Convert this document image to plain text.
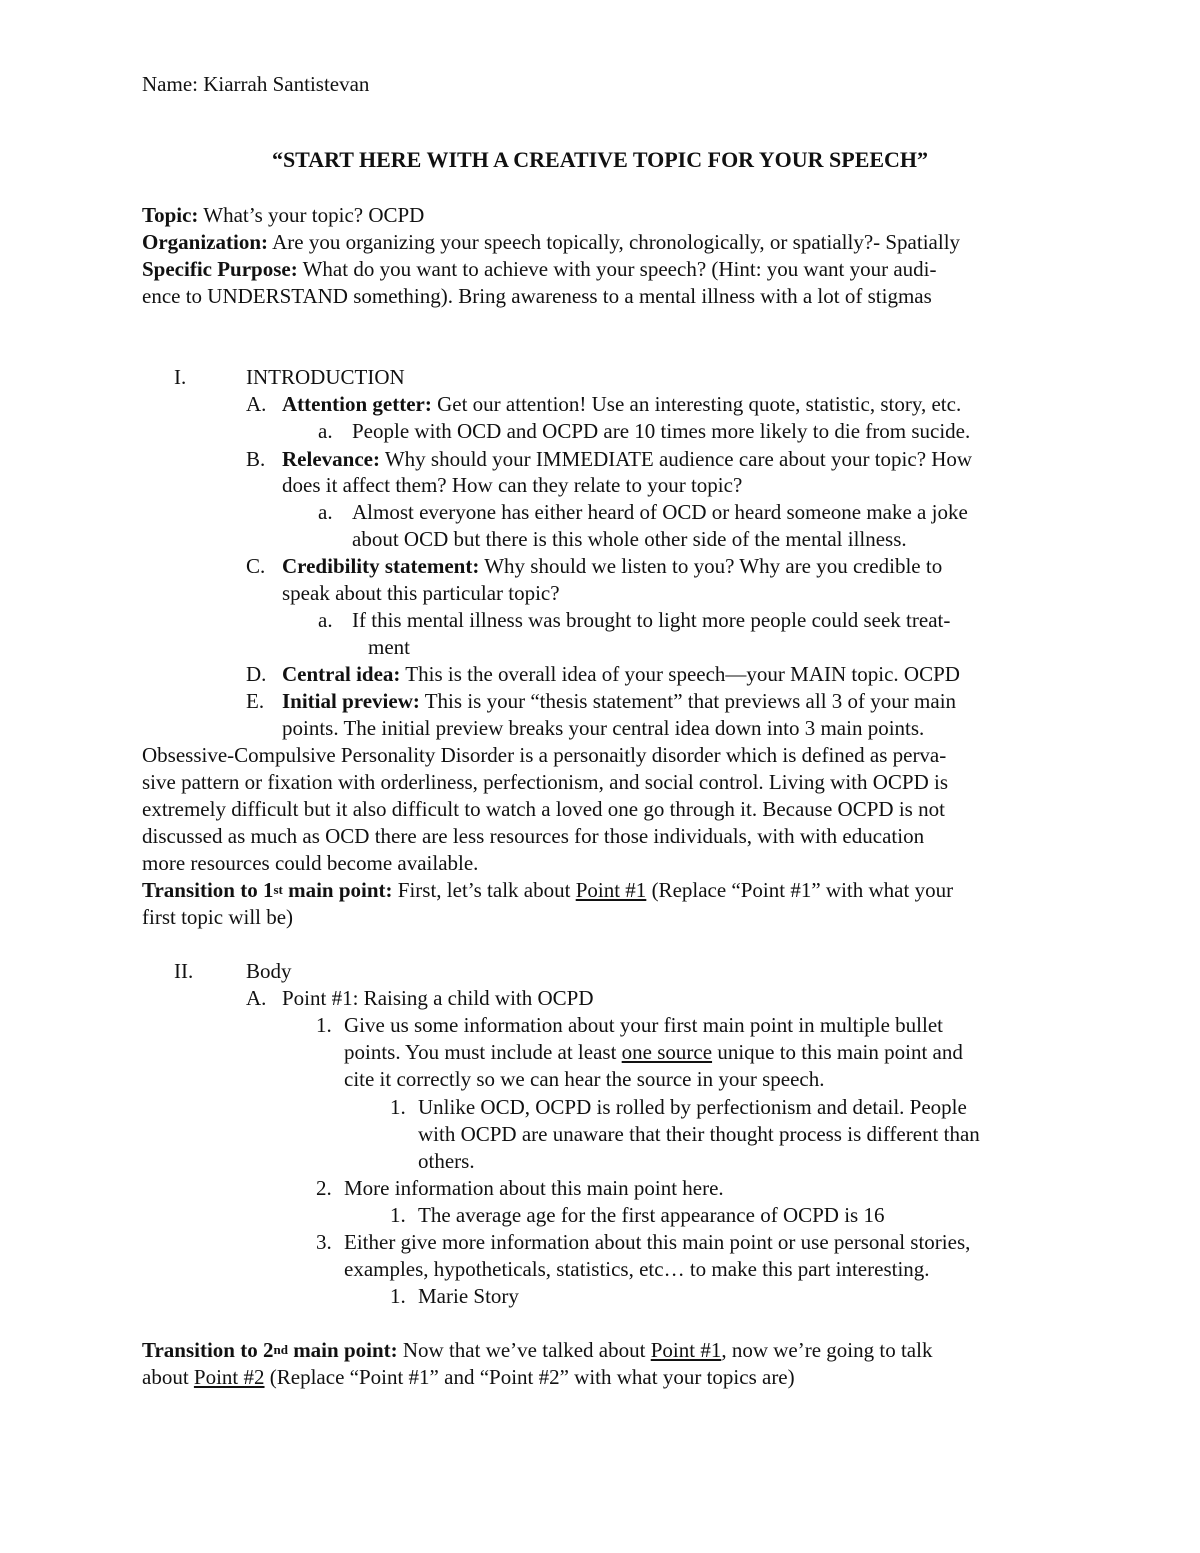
Name: Kiarrah Santistevan
“START HERE WITH A CREATIVE TOPIC FOR YOUR SPEECH”
Topic: What’s your topic? OCPD
Organization: Are you organizing your speech topically, chronologically, or spatially?- Spatially
Specific Purpose: What do you want to achieve with your speech? (Hint: you want your audi-
ence to UNDERSTAND something). Bring awareness to a mental illness with a lot of stigmas
I.	INTRODUCTION
A. Attention getter: Get our attention! Use an interesting quote, statistic, story, etc.
a. People with OCD and OCPD are 10 times more likely to die from sucide.
B. Relevance: Why should your IMMEDIATE audience care about your topic? How
does it affect them? How can they relate to your topic?
a. Almost everyone has either heard of OCD or heard someone make a joke
about OCD but there is this whole other side of the mental illness.
C. Credibility statement: Why should we listen to you? Why are you credible to
speak about this particular topic?
a. If this mental illness was brought to light more people could seek treat-
ment
D. Central idea: This is the overall idea of your speech—your MAIN topic. OCPD
E. Initial preview: This is your “thesis statement” that previews all 3 of your main
points. The initial preview breaks your central idea down into 3 main points.
Obsessive-Compulsive Personality Disorder is a personaitly disorder which is defined as perva-
sive pattern or fixation with orderliness, perfectionism, and social control. Living with OCPD is
extremely difficult but it also difficult to watch a loved one go through it. Because OCPD is not
discussed as much as OCD there are less resources for those individuals, with with education
more resources could become available.
Transition to 1st main point: First, let’s talk about Point #1 (Replace “Point #1” with what your
first topic will be)
II.	Body
A. Point #1: Raising a child with OCPD
1. Give us some information about your first main point in multiple bullet
points. You must include at least one source unique to this main point and
cite it correctly so we can hear the source in your speech.
1. Unlike OCD, OCPD is rolled by perfectionism and detail. People
with OCPD are unaware that their thought process is different than
others.
2. More information about this main point here.
1. The average age for the first appearance of OCPD is 16
3. Either give more information about this main point or use personal stories,
examples, hypotheticals, statistics, etc… to make this part interesting.
1. Marie Story
Transition to 2nd main point: Now that we’ve talked about Point #1, now we’re going to talk
about Point #2 (Replace “Point #1” and “Point #2” with what your topics are)
